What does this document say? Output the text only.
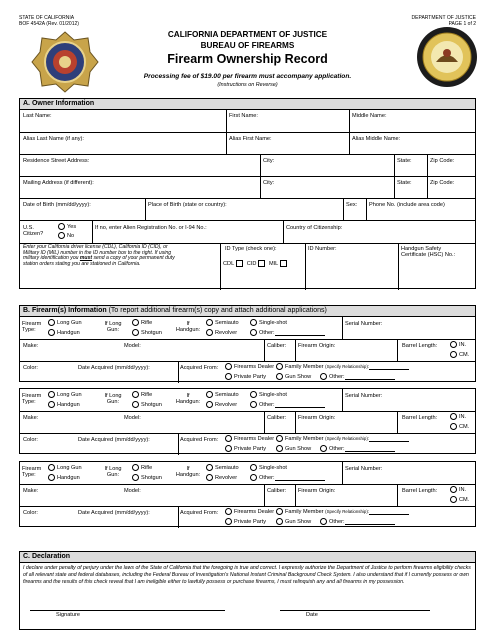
STATE OF CALIFORNIA
BOF 4542A (Rev. 01/2012)
DEPARTMENT OF JUSTICE
PAGE 1 of 2
CALIFORNIA DEPARTMENT OF JUSTICE
BUREAU OF FIREARMS
Firearm Ownership Record
Processing fee of $19.00 per firearm must accompany application.
(Instructions on Reverse)
A. Owner Information
Last Name:	First Name:	Middle Name:
Alias Last Name (if any):	Alias First Name:	Alias Middle Name:
Residence Street Address:	City:	State:	Zip Code:
Mailing Address (if different):	City:	State:	Zip Code:
Date of Birth (mm/dd/yyyy):	Place of Birth (state or country):	Sex: Phone No. (include area code)
U.S. Citizen?
Yes
No
If no, enter Alien Registration No. or I-94 No.:	Country of Citizenship:
Enter your California driver license (CDL), California ID (CID), or
Military ID (MIL) number in the ID number box to the right. If using
military identification you must send a copy of your permanent duty
station orders stating you are stationed in California.
ID Type (check one):
CDL CID MIL
ID Number:	Handgun Safety
Certificate (HSC) No.:
B. Firearm(s) Information (To report additional firearm(s) copy and attach additional applications)
Firearm Type:
Long Gun
Handgun
If Long Gun:
Rifle
Shotgun
If Handgun:
Semiauto	Single-shot
Revolver	Other:
Serial Number:
Make:	Model:	Caliber: Firearm Origin:	Barrel Length:	IN.
CM.
Color:	Date Acquired (mm/dd/yyyy):	Acquired From:	Firearms Dealer	Family Member (Specify Relationship):
Private Party	Gun Show	Other:
Firearm Type:
Long Gun
Handgun
If Long Gun:
Rifle
Shotgun
If Handgun:
Semiauto	Single-shot
Revolver	Other:
Serial Number:
Make:	Model:	Caliber: Firearm Origin:	Barrel Length:	IN.
CM.
Color:	Date Acquired (mm/dd/yyyy):	Acquired From:	Firearms Dealer	Family Member (Specify Relationship):
Private Party	Gun Show	Other:
Firearm Type:
Long Gun
Handgun
If Long Gun:
Rifle
Shotgun
If Handgun:
Semiauto	Single-shot
Revolver	Other:
Serial Number:
Make:	Model:	Caliber: Firearm Origin:	Barrel Length:	IN.
CM.
Color:	Date Acquired (mm/dd/yyyy):	Acquired From:	Firearms Dealer	Family Member (Specify Relationship):
Private Party	Gun Show	Other:
C. Declaration
I declare under penalty of perjury under the laws of the State of California that the foregoing is true and correct. I expressly authorize the Department of Justice to perform firearms eligibility checks of all relevant state and federal databases, including the Federal Bureau of Investigation's National Instant Criminal Background Check System. I also understand that if I currently possess or own firearms and the results of this check reveal that I am ineligible either to lawfully possess or purchase firearms, I must relinquish any and all firearms in my possession.
Signature	Date
